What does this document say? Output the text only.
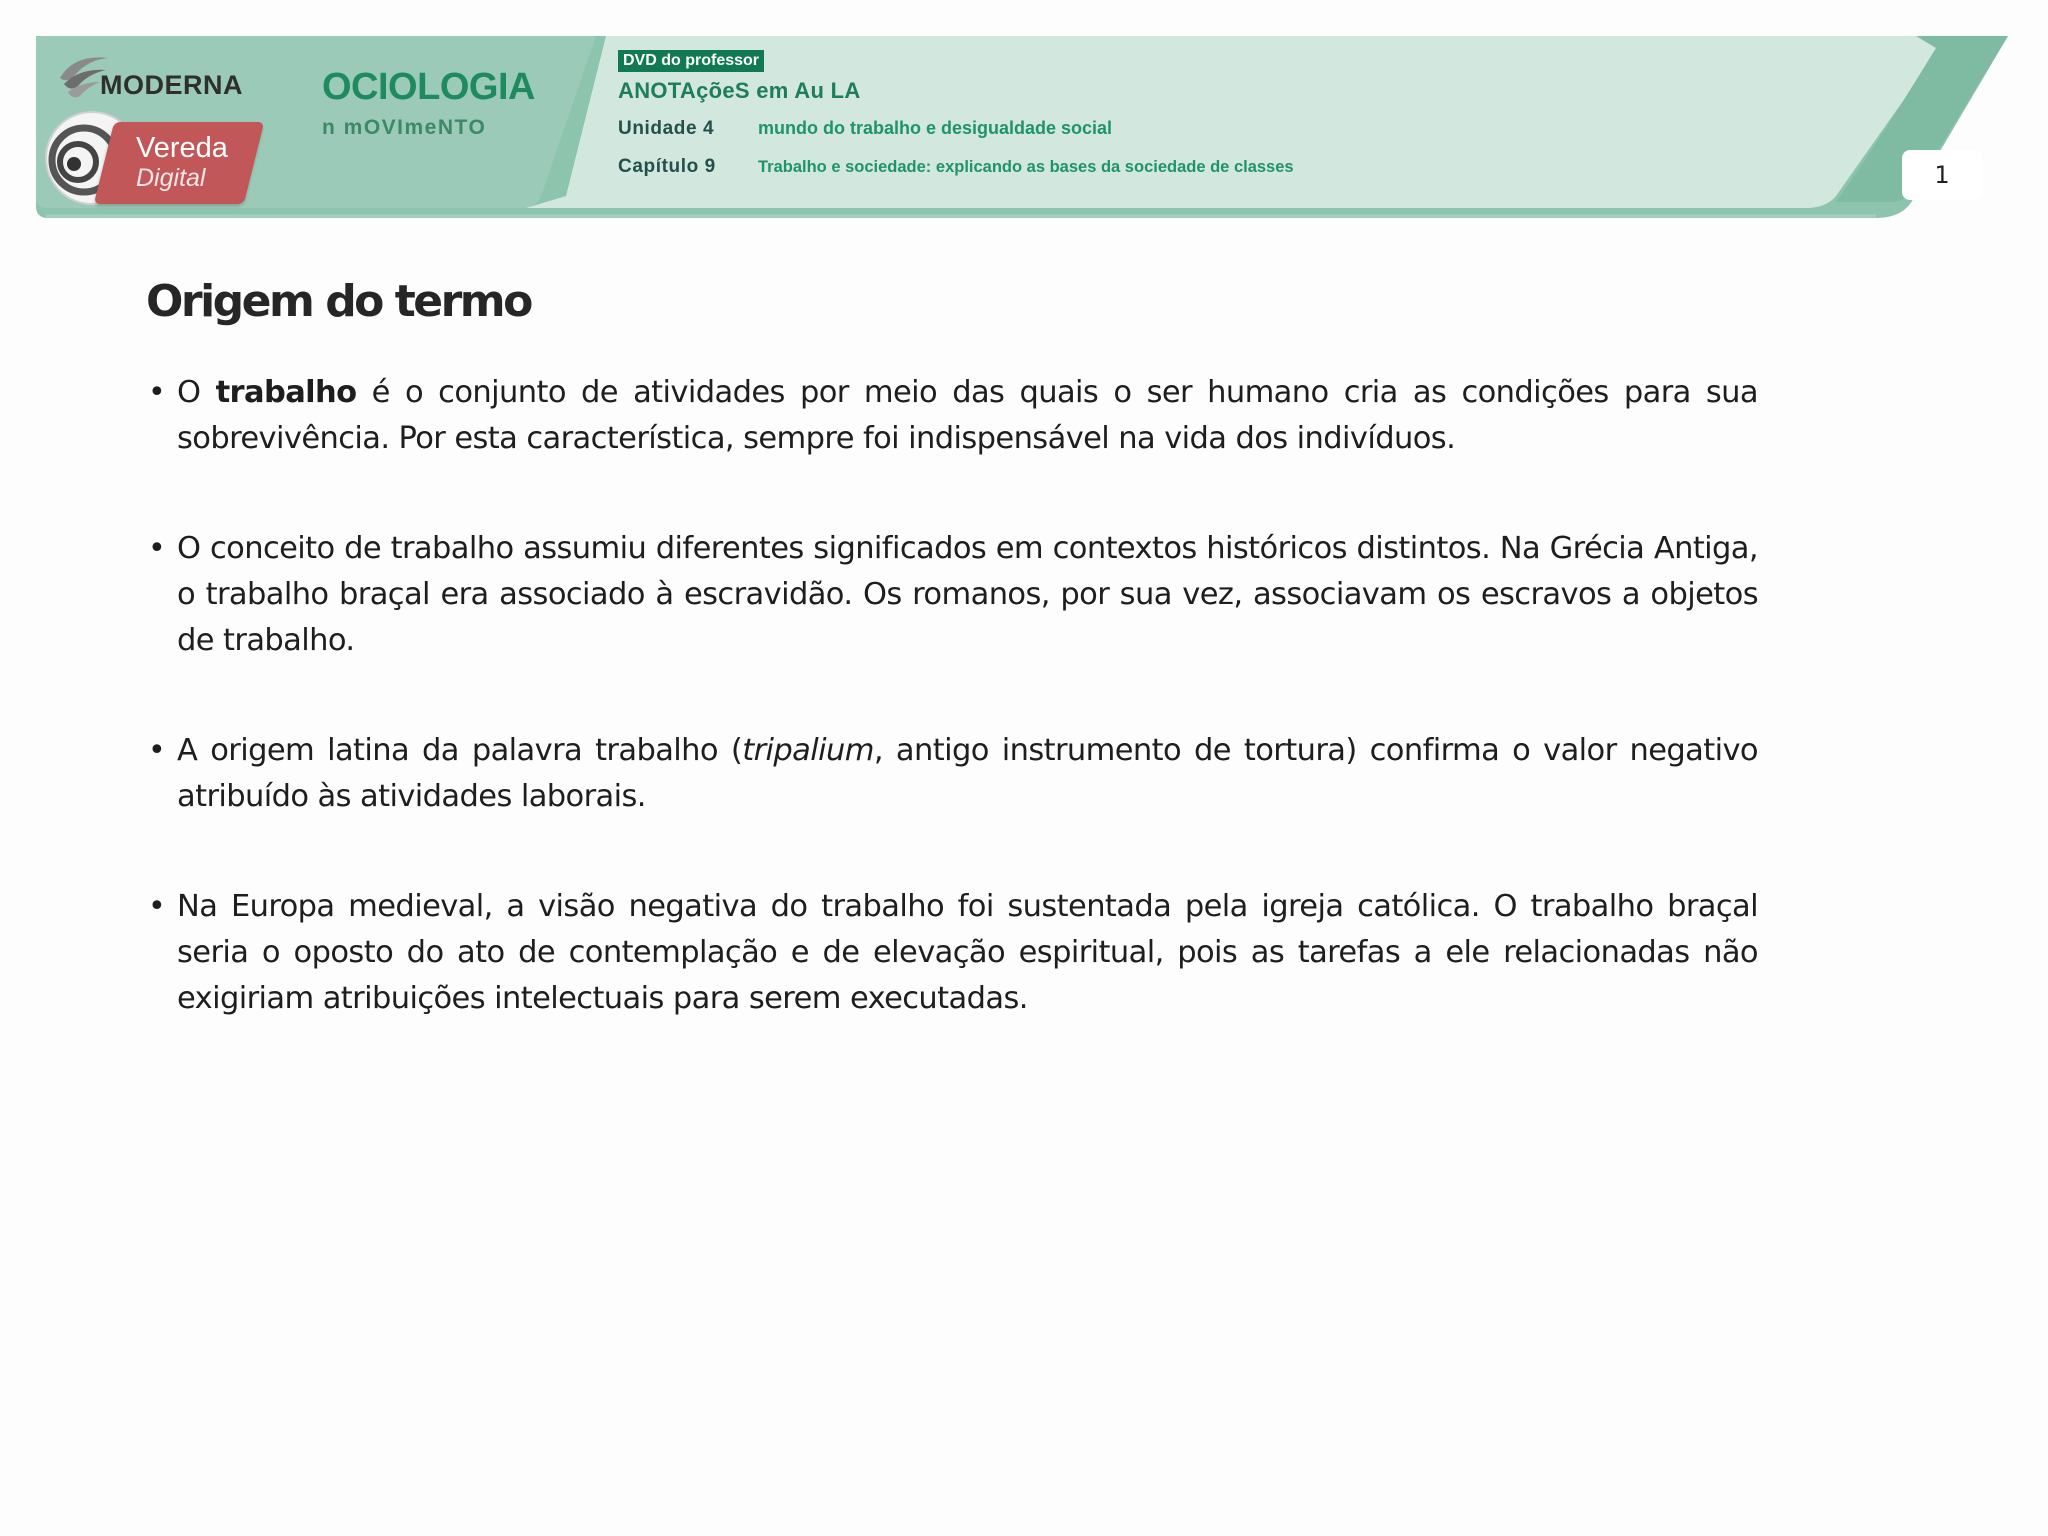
MODERNA
Vereda
Digital
OCIOLOGIA
n mOVImeNTO
DVD do professor
ANOTAçõeS em Au LA
Unidade 4 mundo do trabalho e desigualdade social
Capítulo 9	Trabalho e sociedade: explicando as bases da sociedade de classes	1
Origem do termo
• O trabalho é o conjunto de atividades por meio das quais o ser humano cria as condições para sua sobrevivência. Por esta característica, sempre foi indispensável na vida dos indivíduos.
• O conceito de trabalho assumiu diferentes significados em contextos históricos distintos. Na Grécia Antiga, o trabalho braçal era associado à escravidão. Os romanos, por sua vez, associavam os escravos a objetos de trabalho.
• A origem latina da palavra trabalho (tripalium, antigo instrumento de tortura) confirma o valor negativo atribuído às atividades laborais.
• Na Europa medieval, a visão negativa do trabalho foi sustentada pela igreja católica. O trabalho braçal seria o oposto do ato de contemplação e de elevação espiritual, pois as tarefas a ele relacionadas não exigiriam atribuições intelectuais para serem executadas.
